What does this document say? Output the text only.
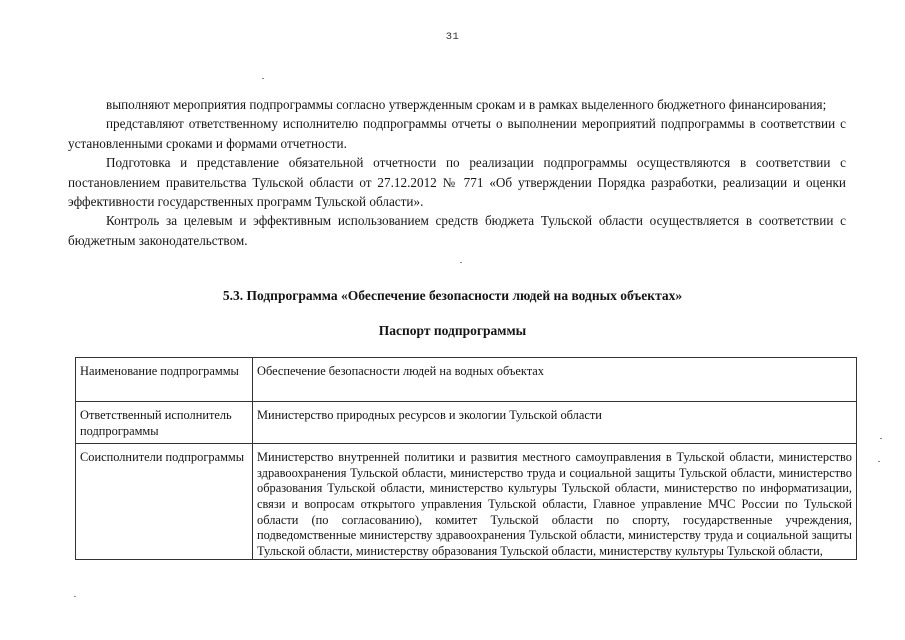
31

выполняют мероприятия подпрограммы согласно утвержденным срокам и в рамках выделенного бюджетного финансирования;

представляют ответственному исполнителю подпрограммы отчеты о выполнении мероприятий подпрограммы в соответствии с установленными сроками и формами отчетности.

Подготовка и представление обязательной отчетности по реализации подпрограммы осуществляются в соответствии с постановлением правительства Тульской области от 27.12.2012 № 771 «Об утверждении Порядка разработки, реализации и оценки эффективности государственных программ Тульской области».

Контроль за целевым и эффективным использованием средств бюджета Тульской области осуществляется в соответствии с бюджетным законодательством.

5.3. Подпрограмма «Обеспечение безопасности людей на водных объектах»
Паспорт подпрограммы
Наименование подпрограммы	Обеспечение безопасности людей на водных объектах
Ответственный исполнитель подпрограммы	Министерство природных ресурсов и экологии Тульской области
Соисполнители подпрограммы	Министерство внутренней политики и развития местного самоуправления в Тульской области, министерство здравоохранения Тульской области, министерство труда и социальной защиты Тульской области, министерство образования Тульской области, министерство культуры Тульской области, министерство по информатизации, связи и вопросам открытого управления Тульской области, Главное управление МЧС России по Тульской области (по согласованию), комитет Тульской области по спорту, государственные учреждения, подведомственные министерству здравоохранения Тульской области, министерству труда и социальной защиты Тульской области, министерству образования Тульской области, министерству культуры Тульской области,
